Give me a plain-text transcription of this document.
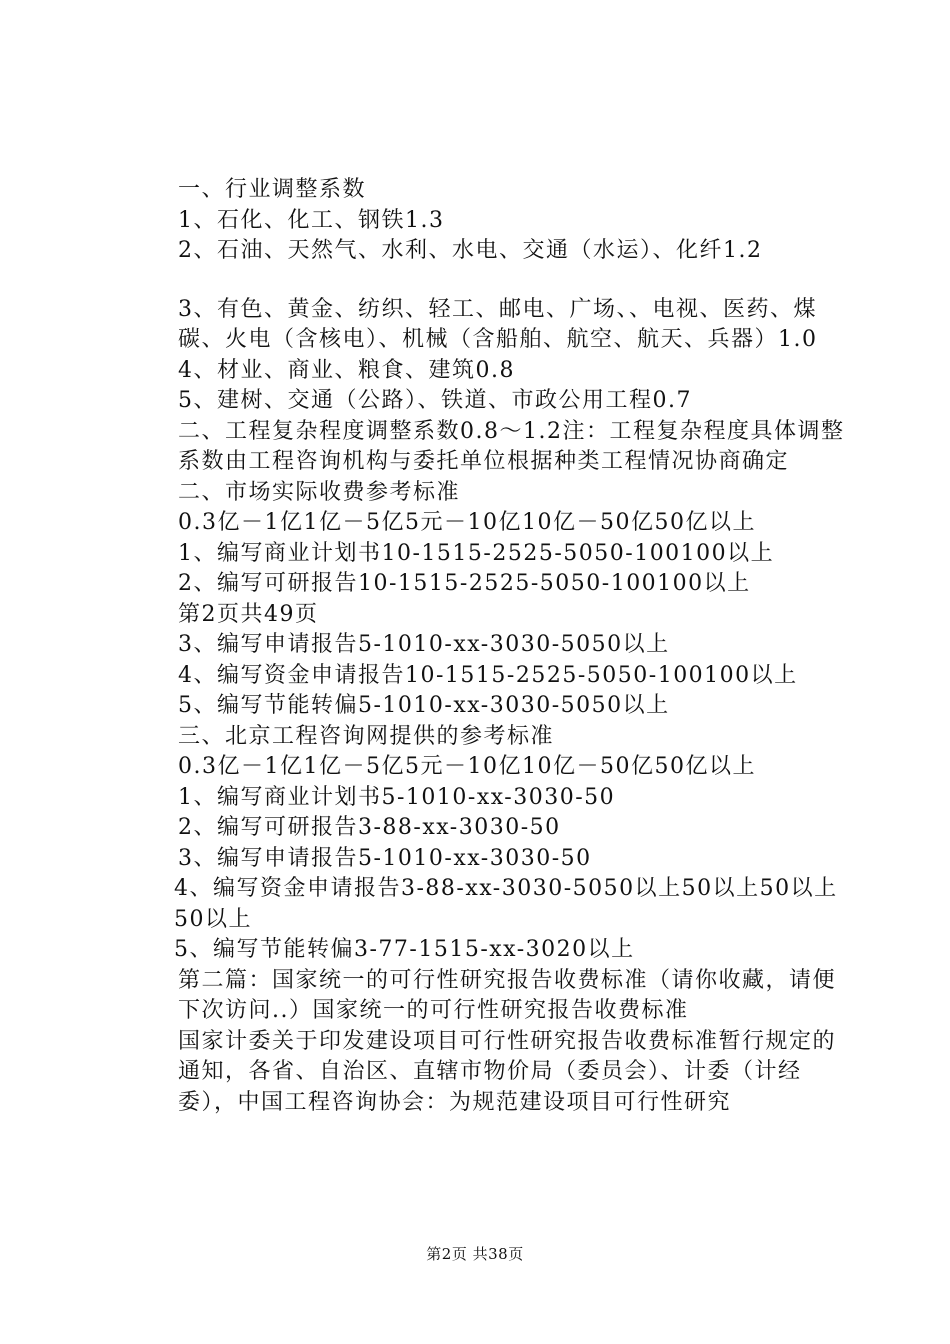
一、行业调整系数

1、石化、化工、钢铁1.3

2、石油、天然气、水利、水电、交通（水运）、化纤1.2

3、有色、黄金、纺织、轻工、邮电、广场、、电视、医药、煤碳、火电（含核电）、机械（含船舶、航空、航天、兵器）1.0

4、材业、商业、粮食、建筑0.8

5、建树、交通（公路）、铁道、市政公用工程0.7

二、工程复杂程度调整系数0.8～1.2注：工程复杂程度具体调整系数由工程咨询机构与委托单位根据种类工程情况协商确定

二、市场实际收费参考标准

0.3亿－1亿1亿－5亿5元－10亿10亿－50亿50亿以上

1、编写商业计划书10-1515-2525-5050-100100以上

2、编写可研报告10-1515-2525-5050-100100以上

第2页共49页

3、编写申请报告5-1010-xx-3030-5050以上

4、编写资金申请报告10-1515-2525-5050-100100以上

5、编写节能转偏5-1010-xx-3030-5050以上

三、北京工程咨询网提供的参考标准

0.3亿－1亿1亿－5亿5元－10亿10亿－50亿50亿以上

1、编写商业计划书5-1010-xx-3030-50

2、编写可研报告3-88-xx-3030-50

3、编写申请报告5-1010-xx-3030-50

4、编写资金申请报告3-88-xx-3030-5050以上50以上50以上50以上

5、编写节能转偏3-77-1515-xx-3020以上

第二篇：国家统一的可行性研究报告收费标准（请你收藏，请便下次访问..）国家统一的可行性研究报告收费标准

国家计委关于印发建设项目可行性研究报告收费标准暂行规定的通知，各省、自治区、直辖市物价局（委员会）、计委（计经委），中国工程咨询协会：为规范建设项目可行性研究

第2页 共38页
